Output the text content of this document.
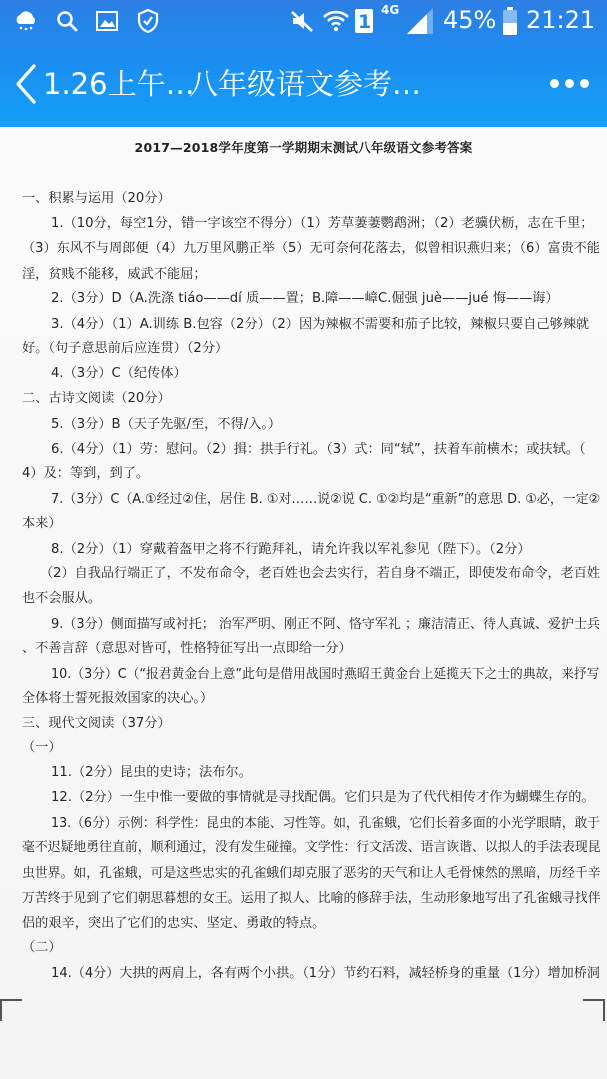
1
4G 45% 21:21
1.26上午…
八年级语文参考…
2017—2018学年度第一学期期末测试八年级语文参考答案
一、积累与运用（20分）
1.（10分，每空1分，错一字该空不得分）（1）芳草萋萋鹦鹉洲；（2）老骥伏枥，志在千里；
（3）东风不与周郎便（4）九万里风鹏正举（5）无可奈何花落去，似曾相识燕归来；（6）富贵不能
淫，贫贱不能移，威武不能屈；
2.（3分）D（A.洗涤 tiáo——dí 质——置；B.障——嶂C.倔强 juè——jué 悔——诲）
3.（4分）（1）A.训练 B.包容（2分）（2）因为辣椒不需要和茄子比较，辣椒只要自己够辣就
好。（句子意思前后应连贯）（2分）
4.（3分）C（纪传体）
二、古诗文阅读（20分）
5.（3分）B（天子先驱/至，不得/入。）
6.（4分）（1）劳：慰问。（2）揖：拱手行礼。（3）式：同“轼”，扶着车前横木；或扶轼。（
4）及：等到，到了。
7.（3分）C（A.①经过②住，居住 B. ①对……说②说 C. ①②均是“重新”的意思 D. ①必，一定②
本来）
8.（2分）（1）穿戴着盔甲之将不行跪拜礼，请允许我以军礼参见（陛下）。（2分）
（2）自我品行端正了，不发布命令，老百姓也会去实行，若自身不端正，即使发布命令，老百姓
也不会服从。
9.（3分）侧面描写或衬托； 治军严明、刚正不阿、恪守军礼 ；廉洁清正、待人真诚、爱护士兵
、不善言辞（意思对皆可，性格特征写出一点即给一分）
10.（3分）C（“报君黄金台上意”此句是借用战国时燕昭王黄金台上延揽天下之士的典故，来抒写
全体将士誓死报效国家的决心。）
三、现代文阅读（37分）
（一）
11.（2分）昆虫的史诗；法布尔。
12.（2分）一生中惟一要做的事情就是寻找配偶。它们只是为了代代相传才作为蝴蝶生存的。
13.（6分）示例：科学性：昆虫的本能、习性等。如，孔雀蛾，它们长着多面的小光学眼睛，敢于
毫不迟疑地勇往直前，顺利通过，没有发生碰撞。文学性：行文活泼、语言诙谐、以拟人的手法表现昆
虫世界。如，孔雀蛾，可是这些忠实的孔雀蛾们却克服了恶劣的天气和让人毛骨悚然的黑暗，历经千辛
万苦终于见到了它们朝思暮想的女王。运用了拟人、比喻的修辞手法，生动形象地写出了孔雀蛾寻找伴
侣的艰辛，突出了它们的忠实、坚定、勇敢的特点。
（二）
14.（4分）大拱的两肩上，各有两个小拱。（1分）节约石料，减轻桥身的重量（1分）增加桥洞
